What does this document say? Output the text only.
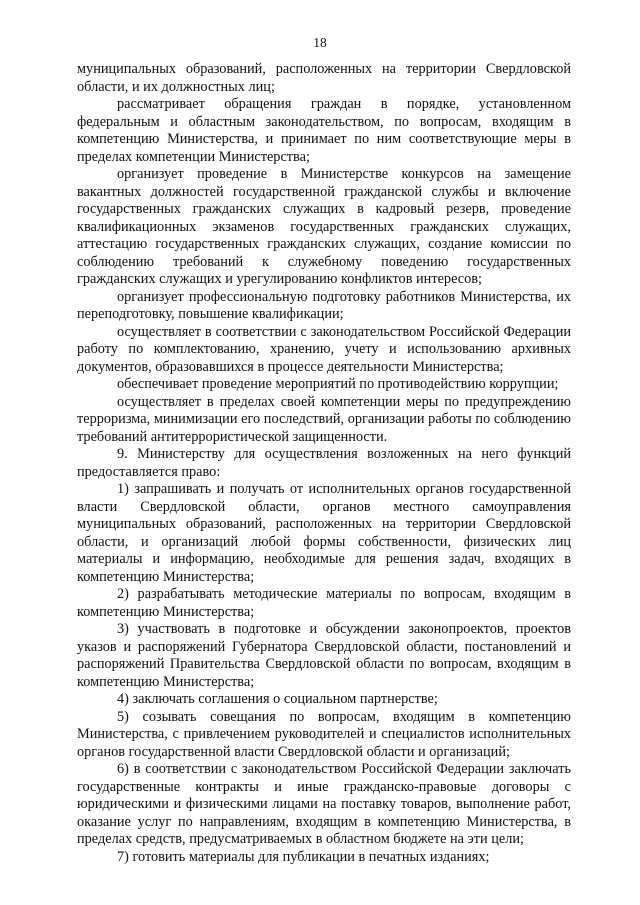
18

муниципальных образований, расположенных на территории Свердловской области, и их должностных лиц;

рассматривает обращения граждан в порядке, установленном федеральным и областным законодательством, по вопросам, входящим в компетенцию Министерства, и принимает по ним соответствующие меры в пределах компетенции Министерства;

организует проведение в Министерстве конкурсов на замещение вакантных должностей государственной гражданской службы и включение государственных гражданских служащих в кадровый резерв, проведение квалификационных экзаменов государственных гражданских служащих, аттестацию государственных гражданских служащих, создание комиссии по соблюдению требований к служебному поведению государственных гражданских служащих и урегулированию конфликтов интересов;

организует профессиональную подготовку работников Министерства, их переподготовку, повышение квалификации;

осуществляет в соответствии с законодательством Российской Федерации работу по комплектованию, хранению, учету и использованию архивных документов, образовавшихся в процессе деятельности Министерства;

обеспечивает проведение мероприятий по противодействию коррупции;

осуществляет в пределах своей компетенции меры по предупреждению терроризма, минимизации его последствий, организации работы по соблюдению требований антитеррористической защищенности.

9. Министерству для осуществления возложенных на него функций предоставляется право:

1) запрашивать и получать от исполнительных органов государственной власти Свердловской области, органов местного самоуправления муниципальных образований, расположенных на территории Свердловской области, и организаций любой формы собственности, физических лиц материалы и информацию, необходимые для решения задач, входящих в компетенцию Министерства;

2) разрабатывать методические материалы по вопросам, входящим в компетенцию Министерства;

3) участвовать в подготовке и обсуждении законопроектов, проектов указов и распоряжений Губернатора Свердловской области, постановлений и распоряжений Правительства Свердловской области по вопросам, входящим в компетенцию Министерства;

4) заключать соглашения о социальном партнерстве;

5) созывать совещания по вопросам, входящим в компетенцию Министерства, с привлечением руководителей и специалистов исполнительных органов государственной власти Свердловской области и организаций;

6) в соответствии с законодательством Российской Федерации заключать государственные контракты и иные гражданско-правовые договоры с юридическими и физическими лицами на поставку товаров, выполнение работ, оказание услуг по направлениям, входящим в компетенцию Министерства, в пределах средств, предусматриваемых в областном бюджете на эти цели;

7) готовить материалы для публикации в печатных изданиях;
